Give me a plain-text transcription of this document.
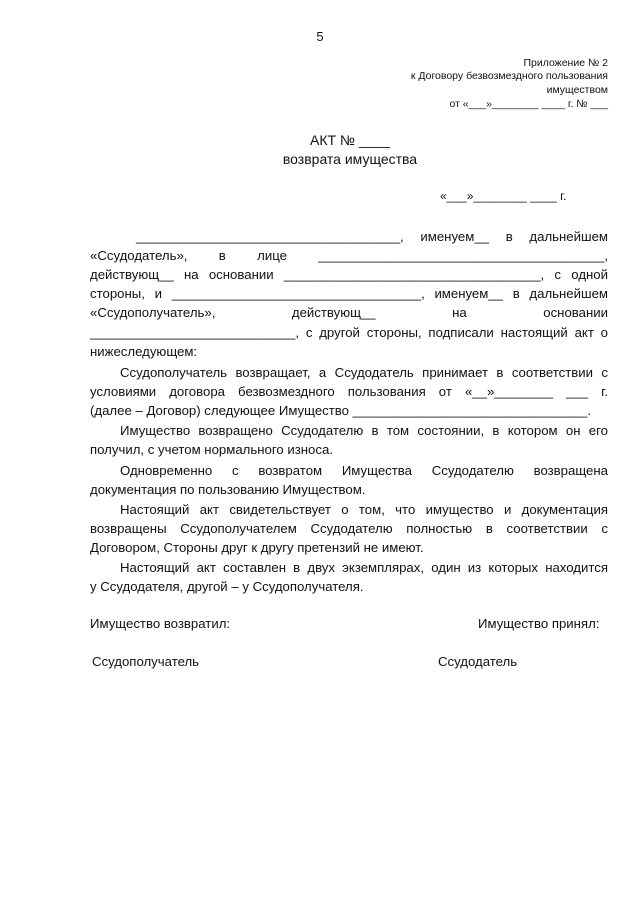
5
Приложение № 2
к Договору безвозмездного пользования
имуществом
от «___»________ ____ г. № ___
АКТ № ____
возврата имущества
«___»________ ____ г.
____________________________________, именуем__ в дальнейшем
«Ссудодатель», в лице _______________________________________,
действующ__ на основании ___________________________________, с одной
стороны, и __________________________________, именуем__ в дальнейшем
«Ссудополучатель», действующ__ на основании
____________________________, с другой стороны, подписали настоящий акт о
нижеследующем:
Ссудополучатель возвращает, а Ссудодатель принимает в соответствии с
условиями договора безвозмездного пользования от «__»________ ___ г.
(далее – Договор) следующее Имущество ________________________________.
Имущество возвращено Ссудодателю в том состоянии, в котором он его
получил, с учетом нормального износа.
Одновременно с возвратом Имущества Ссудодателю возвращена
документация по пользованию Имуществом.
Настоящий акт свидетельствует о том, что имущество и документация
возвращены Ссудополучателем Ссудодателю полностью в соответствии с
Договором, Стороны друг к другу претензий не имеют.
Настоящий акт составлен в двух экземплярах, один из которых находится
у Ссудодателя, другой – у Ссудополучателя.
Имущество возвратил:	Имущество принял:
Ссудополучатель	Ссудодатель
